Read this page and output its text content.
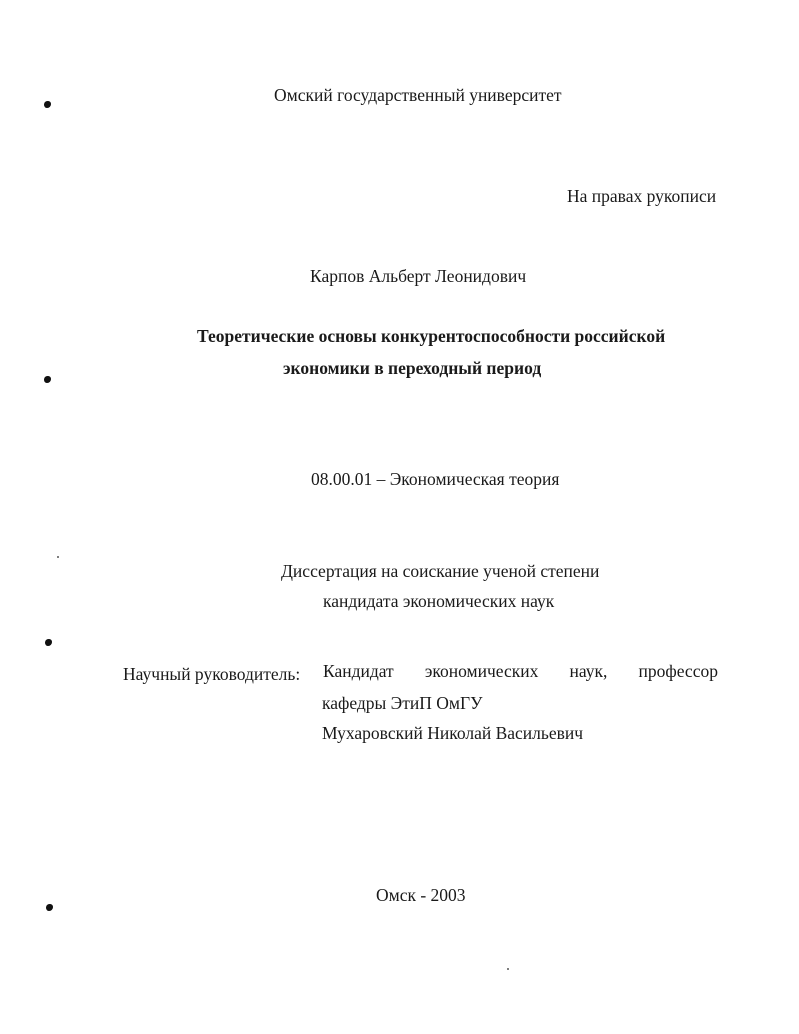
Омский государственный университет
На правах рукописи
Карпов Альберт Леонидович
Теоретические основы конкурентоспособности российской
экономики в переходный период
08.00.01 – Экономическая теория
Диссертация на соискание ученой степени
кандидата экономических наук
Научный руководитель: Кандидат экономических наук, профессор
кафедры ЭтиП ОмГУ
Мухаровский Николай Васильевич
Омск - 2003
